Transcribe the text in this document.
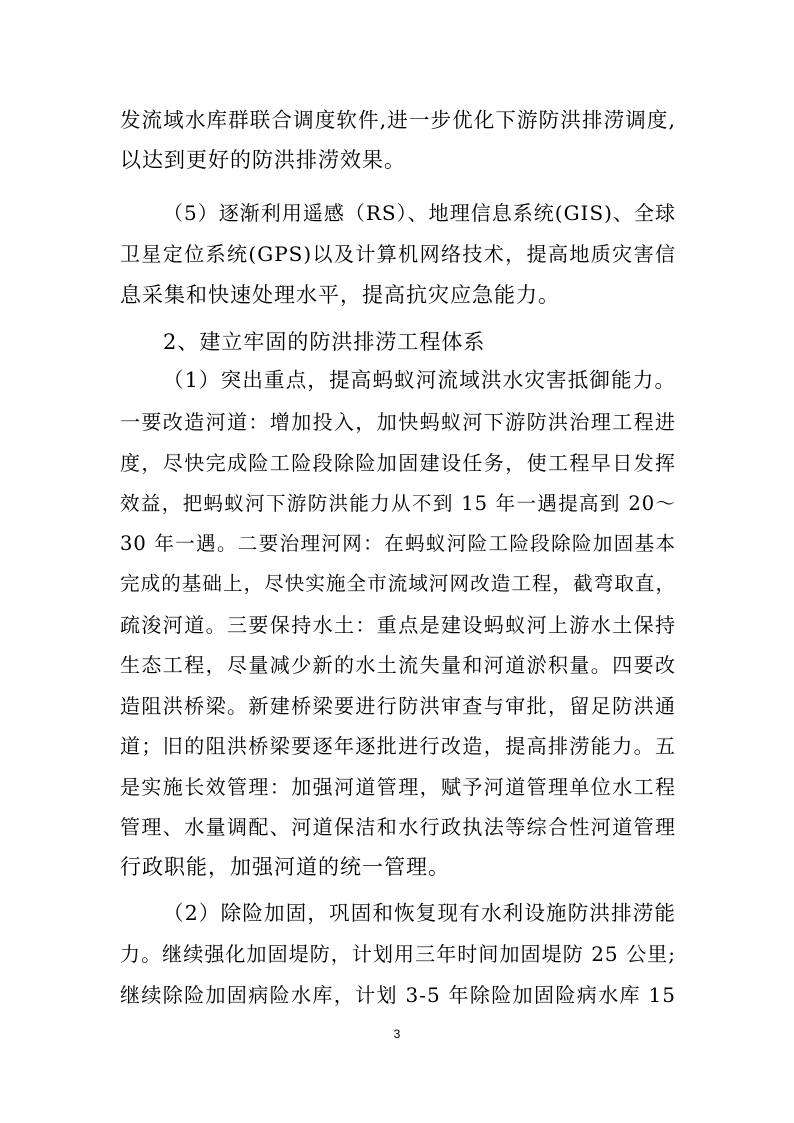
发流域水库群联合调度软件,进一步优化下游防洪排涝调度,
以达到更好的防洪排涝效果。
（5）逐渐利用遥感（RS）、地理信息系统(GIS)、全球
卫星定位系统(GPS)以及计算机网络技术，提高地质灾害信
息采集和快速处理水平，提高抗灾应急能力。
2、建立牢固的防洪排涝工程体系
（1）突出重点，提高蚂蚁河流域洪水灾害抵御能力。
一要改造河道：增加投入，加快蚂蚁河下游防洪治理工程进
度，尽快完成险工险段除险加固建设任务，使工程早日发挥
效益，把蚂蚁河下游防洪能力从不到 15 年一遇提高到 20～
30 年一遇。二要治理河网：在蚂蚁河险工险段除险加固基本
完成的基础上，尽快实施全市流域河网改造工程，截弯取直，
疏浚河道。三要保持水土：重点是建设蚂蚁河上游水土保持
生态工程，尽量减少新的水土流失量和河道淤积量。四要改
造阻洪桥梁。新建桥梁要进行防洪审查与审批，留足防洪通
道；旧的阻洪桥梁要逐年逐批进行改造，提高排涝能力。五
是实施长效管理：加强河道管理，赋予河道管理单位水工程
管理、水量调配、河道保洁和水行政执法等综合性河道管理
行政职能，加强河道的统一管理。
（2）除险加固，巩固和恢复现有水利设施防洪排涝能
力。继续强化加固堤防，计划用三年时间加固堤防 25 公里;
继续除险加固病险水库，计划 3-5 年除险加固险病水库 15
3
